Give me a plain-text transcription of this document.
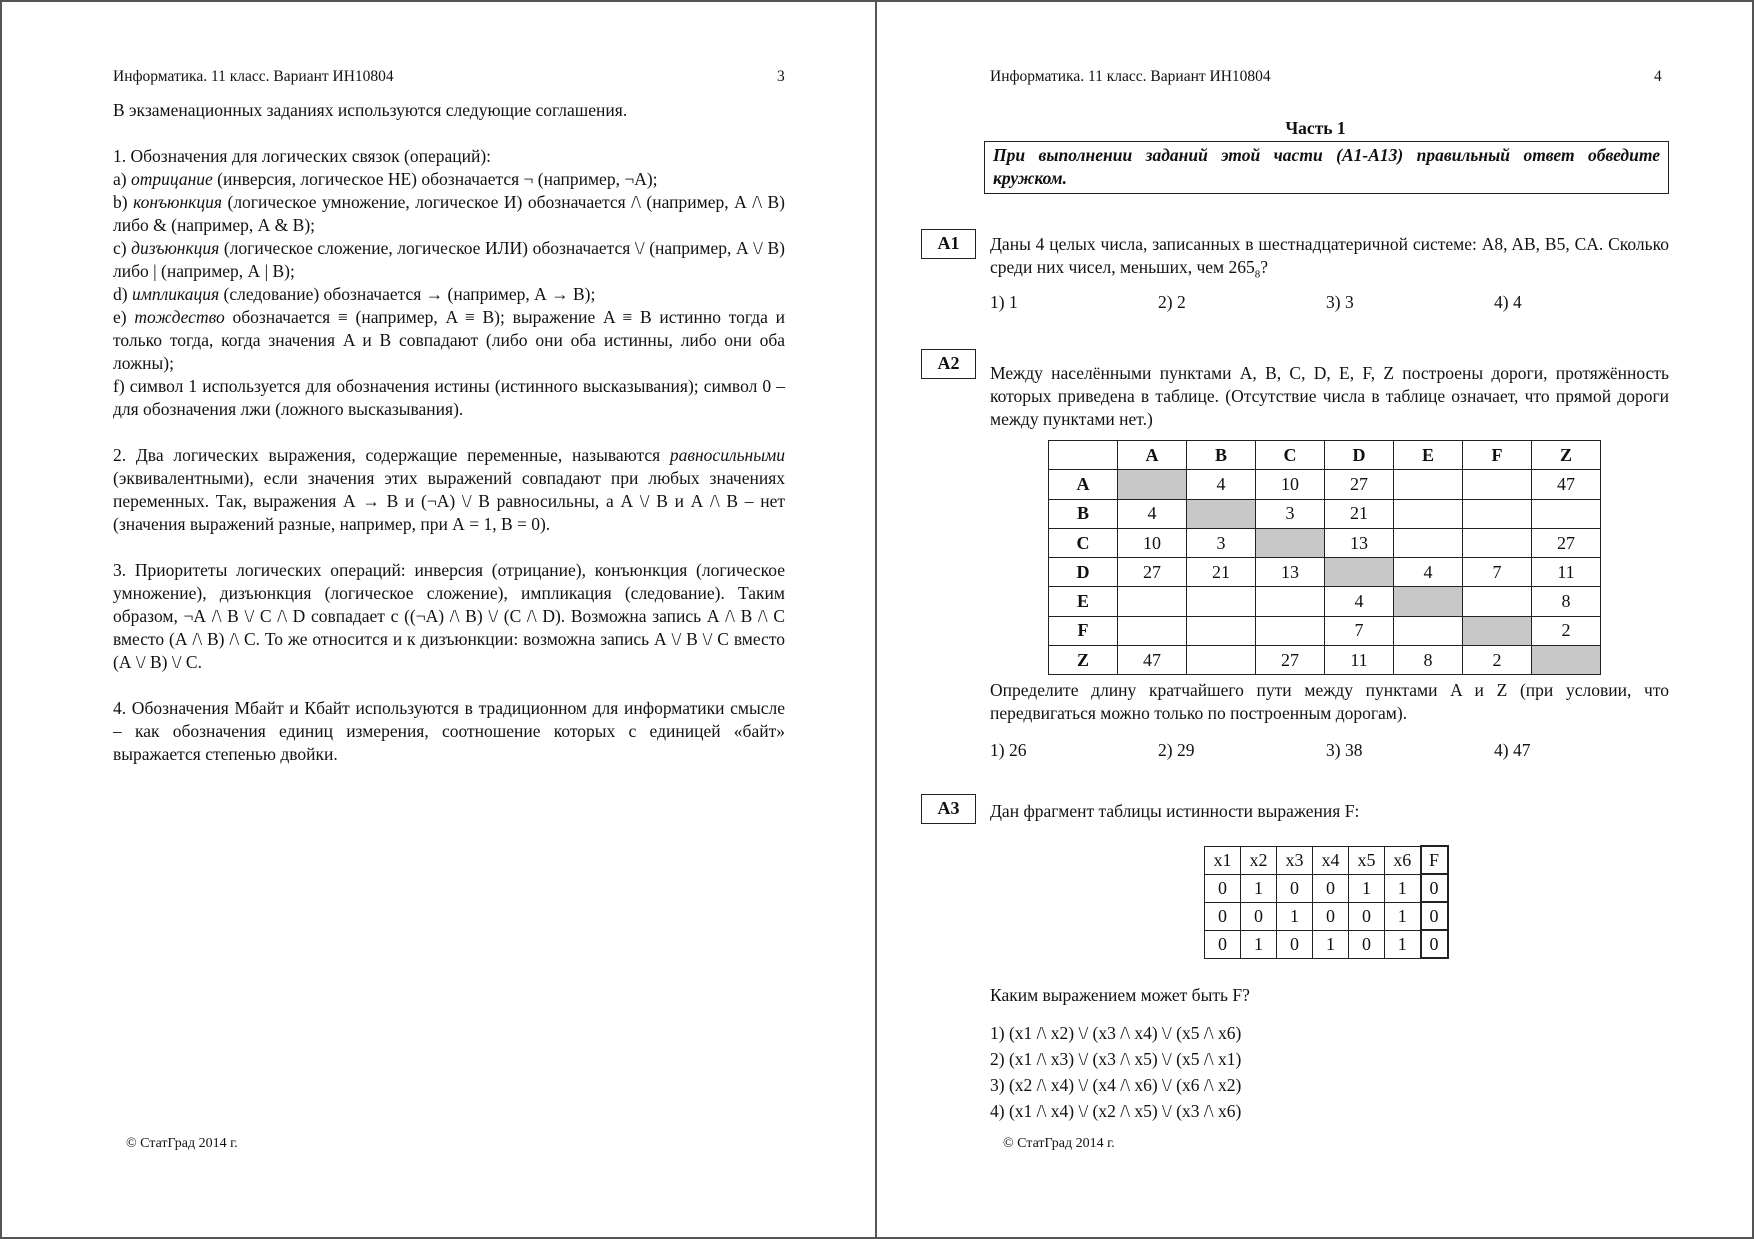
Информатика. 11 класс. Вариант ИН10804	3

В экзаменационных заданиях используются следующие соглашения.

1. Обозначения для логических связок (операций):

a) отрицание (инверсия, логическое НЕ) обозначается ¬ (например, ¬А);

b) конъюнкция (логическое умножение, логическое И) обозначается /\ (например, А /\ В) либо & (например, А & В);

c) дизъюнкция (логическое сложение, логическое ИЛИ) обозначается \/ (например, А \/ В) либо | (например, А | В);

d) импликация (следование) обозначается → (например, А → В);

e) тождество обозначается ≡ (например, A ≡ B); выражение A ≡ B истинно тогда и только тогда, когда значения A и B совпадают (либо они оба истинны, либо они оба ложны);

f) символ 1 используется для обозначения истины (истинного высказывания); символ 0 – для обозначения лжи (ложного высказывания).

2. Два логических выражения, содержащие переменные, называются равносильными (эквивалентными), если значения этих выражений совпадают при любых значениях переменных. Так, выражения А → В и (¬А) \/ В равносильны, а А \/ В и А /\ В – нет (значения выражений разные, например, при А = 1, В = 0).

3. Приоритеты логических операций: инверсия (отрицание), конъюнкция (логическое умножение), дизъюнкция (логическое сложение), импликация (следование). Таким образом, ¬А /\ В \/ С /\ D совпадает с ((¬А) /\ В) \/ (С /\ D). Возможна запись А /\ В /\ С вместо (А /\ В) /\ С. То же относится и к дизъюнкции: возможна запись А \/ В \/ С вместо (А \/ В) \/ С.

4. Обозначения Мбайт и Кбайт используются в традиционном для информатики смысле – как обозначения единиц измерения, соотношение которых с единицей «байт» выражается степенью двойки.

© СтатГрад 2014 г.
Информатика. 11 класс. Вариант ИН10804	4
Часть 1
При выполнении заданий этой части (А1-А13) правильный ответ обведите кружком.
А1	Даны 4 целых числа, записанных в шестнадцатеричной системе: A8, AB, B5, CA. Сколько среди них чисел, меньших, чем $265_8$?
1) 1	2) 2	3) 3	4) 4
А2	Между населёнными пунктами A, B, C, D, E, F, Z построены дороги, протяжённость которых приведена в таблице. (Отсутствие числа в таблице означает, что прямой дороги между пунктами нет.)
	A	B	C	D	E	F	Z
A		4	10	27			47
B	4		3	21			
C	10	3		13			27
D	27	21	13		4	7	11
E				4			8
F				7			2
Z	47		27	11	8	2	
Определите длину кратчайшего пути между пунктами A и Z (при условии, что передвигаться можно только по построенным дорогам).
1) 26	2) 29	3) 38	4) 47
А3	Дан фрагмент таблицы истинности выражения F:
x1	x2	x3	x4	x5	x6	F
0	1	0	0	1	1	0
0	0	1	0	0	1	0
0	1	0	1	0	1	0
Каким выражением может быть F?
1) (x1 /\ x2) \/ (x3 /\ x4) \/ (x5 /\ x6)
2) (x1 /\ x3) \/ (x3 /\ x5) \/ (x5 /\ x1)
3) (x2 /\ x4) \/ (x4 /\ x6) \/ (x6 /\ x2)
4) (x1 /\ x4) \/ (x2 /\ x5) \/ (x3 /\ x6)
© СтатГрад 2014 г.
